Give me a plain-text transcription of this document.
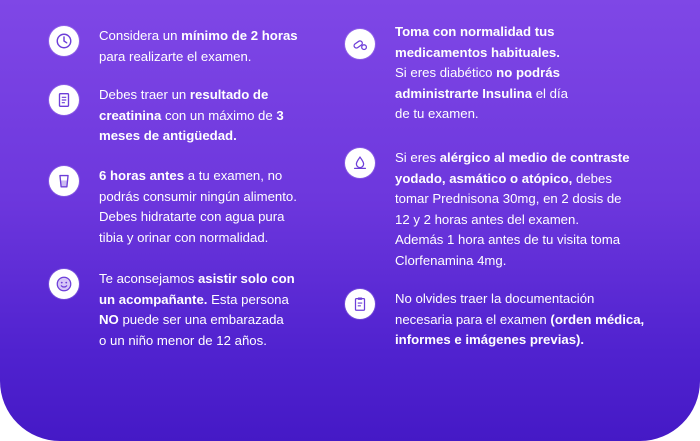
Considera un mínimo de 2 horas
para realizarte el examen.
Debes traer un resultado de
creatinina con un máximo de 3
meses de antigüedad.
6 horas antes a tu examen, no
podrás consumir ningún alimento.
Debes hidratarte con agua pura
tibia y orinar con normalidad.
Te aconsejamos asistir solo con
un acompañante. Esta persona
NO puede ser una embarazada
o un niño menor de 12 años.
Toma con normalidad tus
medicamentos habituales.
Si eres diabético no podrás
administrarte Insulina el día
de tu examen.
Si eres alérgico al medio de contraste
yodado, asmático o atópico, debes
tomar Prednisona 30mg, en 2 dosis de
12 y 2 horas antes del examen.
Además 1 hora antes de tu visita toma
Clorfenamina 4mg.
No olvides traer la documentación
necesaria para el examen (orden médica,
informes e imágenes previas).
